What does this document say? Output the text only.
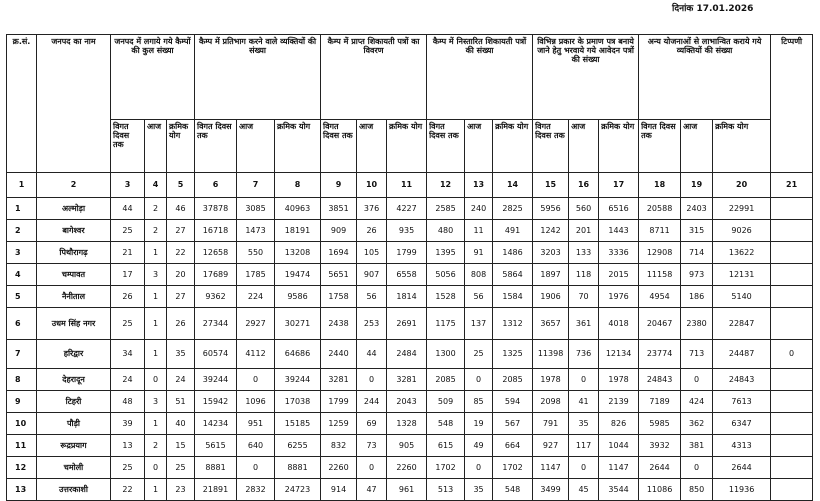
दिनांक 17.01.2026
क्र.सं.	जनपद का नाम	जनपद में लगाये गये कैम्पों की कुल संख्या			कैम्प में प्रतिभाग करने वाले व्यक्तियों की संख्या			कैम्प में प्राप्त शिकायती पत्रों का विवरण			कैम्प में निस्तारित शिकायती पत्रों की संख्या			विभिन्न प्रकार के प्रमाण पत्र बनाये जाने हेतु भरवाये गये आवेदन पत्रों की संख्या			अन्य योजनाओं से लाभान्वित कराये गये व्यक्तियों की संख्या			टिप्पणी
		विगत दिवस तक	आज	क्रमिक योग	विगत दिवस तक	आज	क्रमिक योग	विगत दिवस तक	आज	क्रमिक योग	विगत दिवस तक	आज	क्रमिक योग	विगत दिवस तक	आज	क्रमिक योग	विगत दिवस तक	आज	क्रमिक योग	
1	2	3	4	5	6	7	8	9	10	11	12	13	14	15	16	17	18	19	20	21
1	अल्मोड़ा	44	2	46	37878	3085	40963	3851	376	4227	2585	240	2825	5956	560	6516	20588	2403	22991	
2	बागेश्वर	25	2	27	16718	1473	18191	909	26	935	480	11	491	1242	201	1443	8711	315	9026	
3	पिथौरागढ़	21	1	22	12658	550	13208	1694	105	1799	1395	91	1486	3203	133	3336	12908	714	13622	
4	चम्पावत	17	3	20	17689	1785	19474	5651	907	6558	5056	808	5864	1897	118	2015	11158	973	12131	
5	नैनीताल	26	1	27	9362	224	9586	1758	56	1814	1528	56	1584	1906	70	1976	4954	186	5140	
6	उधम सिंह नगर	25	1	26	27344	2927	30271	2438	253	2691	1175	137	1312	3657	361	4018	20467	2380	22847	
7	हरिद्वार	34	1	35	60574	4112	64686	2440	44	2484	1300	25	1325	11398	736	12134	23774	713	24487	0
8	देहरादून	24	0	24	39244	0	39244	3281	0	3281	2085	0	2085	1978	0	1978	24843	0	24843	
9	टिहरी	48	3	51	15942	1096	17038	1799	244	2043	509	85	594	2098	41	2139	7189	424	7613	
10	पौड़ी	39	1	40	14234	951	15185	1259	69	1328	548	19	567	791	35	826	5985	362	6347	
11	रूद्रप्रयाग	13	2	15	5615	640	6255	832	73	905	615	49	664	927	117	1044	3932	381	4313	
12	चमोली	25	0	25	8881	0	8881	2260	0	2260	1702	0	1702	1147	0	1147	2644	0	2644	
13	उत्तरकाशी	22	1	23	21891	2832	24723	914	47	961	513	35	548	3499	45	3544	11086	850	11936	
